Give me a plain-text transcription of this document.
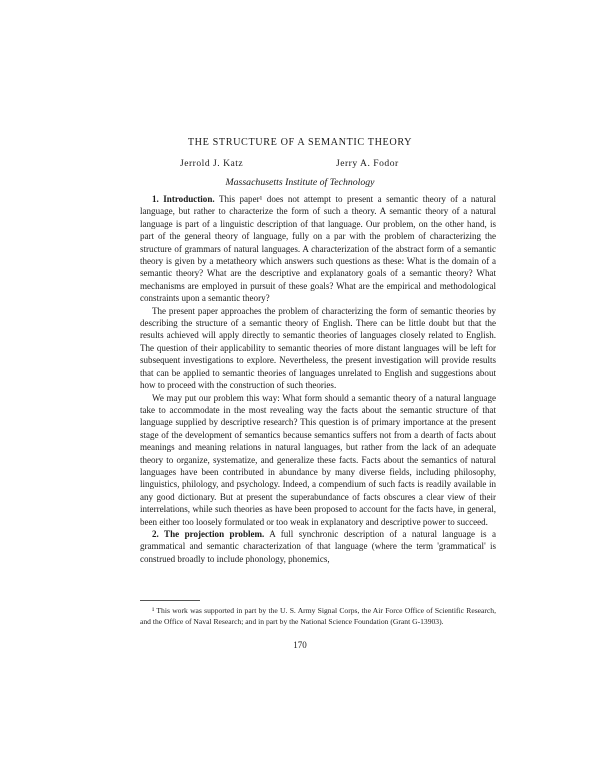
THE STRUCTURE OF A SEMANTIC THEORY
Jerrold J. Katz	Jerry A. Fodor
Massachusetts Institute of Technology

1. Introduction. This paper¹ does not attempt to present a semantic theory of a natural language, but rather to characterize the form of such a theory. A semantic theory of a natural language is part of a linguistic description of that language. Our problem, on the other hand, is part of the general theory of language, fully on a par with the problem of characterizing the structure of grammars of natural languages. A characterization of the abstract form of a semantic theory is given by a metatheory which answers such questions as these: What is the domain of a semantic theory? What are the descriptive and explanatory goals of a semantic theory? What mechanisms are employed in pursuit of these goals? What are the empirical and methodological constraints upon a semantic theory?

The present paper approaches the problem of characterizing the form of semantic theories by describing the structure of a semantic theory of English. There can be little doubt but that the results achieved will apply directly to semantic theories of languages closely related to English. The question of their applicability to semantic theories of more distant languages will be left for subsequent investigations to explore. Nevertheless, the present investigation will provide results that can be applied to semantic theories of languages unrelated to English and suggestions about how to proceed with the construction of such theories.

We may put our problem this way: What form should a semantic theory of a natural language take to accommodate in the most revealing way the facts about the semantic structure of that language supplied by descriptive research? This question is of primary importance at the present stage of the development of semantics because semantics suffers not from a dearth of facts about meanings and meaning relations in natural languages, but rather from the lack of an adequate theory to organize, systematize, and generalize these facts. Facts about the semantics of natural languages have been contributed in abundance by many diverse fields, including philosophy, linguistics, philology, and psychology. Indeed, a compendium of such facts is readily available in any good dictionary. But at present the superabundance of facts obscures a clear view of their interrelations, while such theories as have been proposed to account for the facts have, in general, been either too loosely formulated or too weak in explanatory and descriptive power to succeed.

2. The projection problem. A full synchronic description of a natural language is a grammatical and semantic characterization of that language (where the term 'grammatical' is construed broadly to include phonology, phonemics,

¹ This work was supported in part by the U. S. Army Signal Corps, the Air Force Office of Scientific Research, and the Office of Naval Research; and in part by the National Science Foundation (Grant G-13903).
170
